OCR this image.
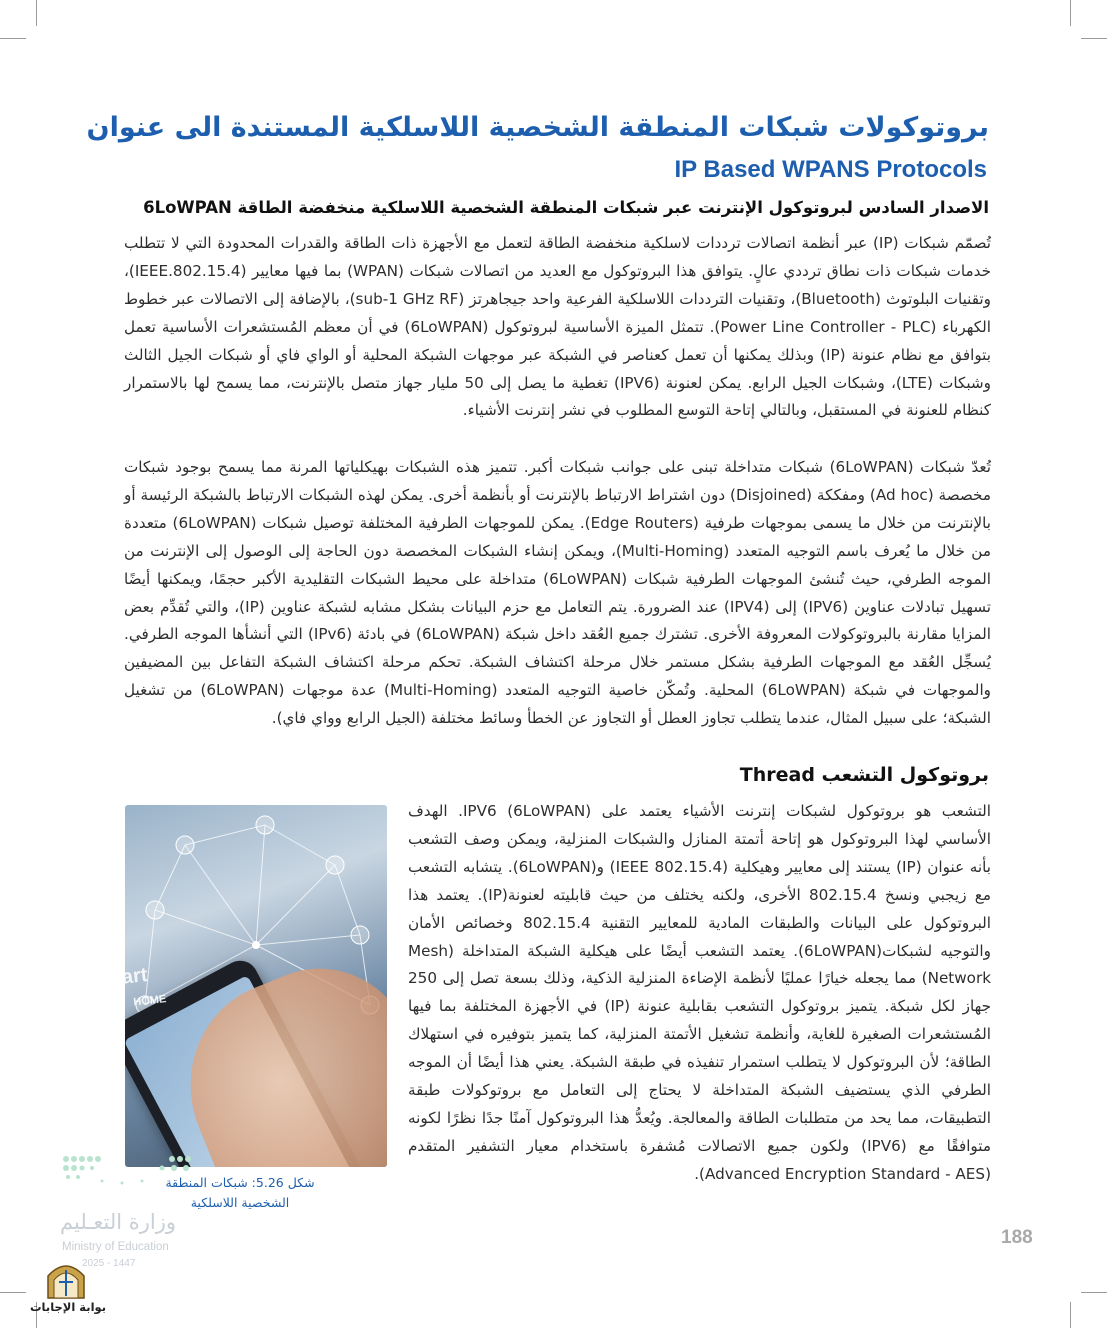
بروتوكولات شبكات المنطقة الشخصية اللاسلكية المستندة الى عنوان
IP Based WPANS Protocols
الاصدار السادس لبروتوكول الإنترنت عبر شبكات المنطقة الشخصية اللاسلكية منخفضة الطاقة 6LoWPAN
تُصمّم شبكات (IP) عبر أنظمة اتصالات ترددات لاسلكية منخفضة الطاقة لتعمل مع الأجهزة ذات الطاقة والقدرات المحدودة التي لا تتطلب خدمات شبكات ذات نطاق ترددي عالٍ. يتوافق هذا البروتوكول مع العديد من اتصالات شبكات (WPAN) بما فيها معايير (IEEE.802.15.4)، وتقنيات البلوتوث (Bluetooth)، وتقنيات الترددات اللاسلكية الفرعية واحد جيجاهرتز (sub-1 GHz RF)، بالإضافة إلى الاتصالات عبر خطوط الكهرباء (Power Line Controller - PLC). تتمثل الميزة الأساسية لبروتوكول (6LoWPAN) في أن معظم المُستشعرات الأساسية تعمل بتوافق مع نظام عنونة (IP) وبذلك يمكنها أن تعمل كعناصر في الشبكة عبر موجهات الشبكة المحلية أو الواي فاي أو شبكات الجيل الثالث وشبكات (LTE)، وشبكات الجيل الرابع. يمكن لعنونة (IPV6) تغطية ما يصل إلى 50 مليار جهاز متصل بالإنترنت، مما يسمح لها بالاستمرار كنظام للعنونة في المستقبل، وبالتالي إتاحة التوسع المطلوب في نشر إنترنت الأشياء.
تُعدّ شبكات (6LoWPAN) شبكات متداخلة تبنى على جوانب شبكات أكبر. تتميز هذه الشبكات بهيكلياتها المرنة مما يسمح بوجود شبكات مخصصة (Ad hoc) ومفككة (Disjoined) دون اشتراط الارتباط بالإنترنت أو بأنظمة أخرى. يمكن لهذه الشبكات الارتباط بالشبكة الرئيسة أو بالإنترنت من خلال ما يسمى بموجهات طرفية (Edge Routers). يمكن للموجهات الطرفية المختلفة توصيل شبكات (6LoWPAN) متعددة من خلال ما يُعرف باسم التوجيه المتعدد (Multi-Homing)، ويمكن إنشاء الشبكات المخصصة دون الحاجة إلى الوصول إلى الإنترنت من الموجه الطرفي، حيث تُنشئ الموجهات الطرفية شبكات (6LoWPAN) متداخلة على محيط الشبكات التقليدية الأكبر حجمًا، ويمكنها أيضًا تسهيل تبادلات عناوين (IPV6) إلى (IPV4) عند الضرورة. يتم التعامل مع حزم البيانات بشكل مشابه لشبكة عناوين (IP)، والتي تُقدِّم بعض المزايا مقارنة بالبروتوكولات المعروفة الأخرى. تشترك جميع العُقد داخل شبكة (6LoWPAN) في بادئة (IPv6) التي أنشأها الموجه الطرفي. يُسجِّل العُقد مع الموجهات الطرفية بشكل مستمر خلال مرحلة اكتشاف الشبكة. تحكم مرحلة اكتشاف الشبكة التفاعل بين المضيفين والموجهات في شبكة (6LoWPAN) المحلية. وتُمكّن خاصية التوجيه المتعدد (Multi-Homing) عدة موجهات (6LoWPAN) من تشغيل الشبكة؛ على سبيل المثال، عندما يتطلب تجاوز العطل أو التجاوز عن الخطأ وسائط مختلفة (الجيل الرابع وواي فاي).
بروتوكول التشعب Thread
التشعب هو بروتوكول لشبكات إنترنت الأشياء يعتمد على IPV6 (6LoWPAN). الهدف الأساسي لهذا البروتوكول هو إتاحة أتمتة المنازل والشبكات المنزلية، ويمكن وصف التشعب بأنه عنوان (IP) يستند إلى معايير وهيكلية (IEEE 802.15.4) و(6LoWPAN). يتشابه التشعب مع زيجبي ونسخ 802.15.4 الأخرى، ولكنه يختلف من حيث قابليته لعنونة(IP). يعتمد هذا البروتوكول على البيانات والطبقات المادية للمعايير التقنية 802.15.4 وخصائص الأمان والتوجيه لشبكات(6LoWPAN). يعتمد التشعب أيضًا على هيكلية الشبكة المتداخلة (Mesh Network) مما يجعله خيارًا عمليًا لأنظمة الإضاءة المنزلية الذكية، وذلك بسعة تصل إلى 250 جهاز لكل شبكة. يتميز بروتوكول التشعب بقابلية عنونة (IP) في الأجهزة المختلفة بما فيها المُستشعرات الصغيرة للغاية، وأنظمة تشغيل الأتمتة المنزلية، كما يتميز بتوفيره في استهلاك الطاقة؛ لأن البروتوكول لا يتطلب استمرار تنفيذه في طبقة الشبكة. يعني هذا أيضًا أن الموجه الطرفي الذي يستضيف الشبكة المتداخلة لا يحتاج إلى التعامل مع بروتوكولات طبقة التطبيقات، مما يحد من متطلبات الطاقة والمعالجة. ويُعدُّ هذا البروتوكول آمنًا جدًا نظرًا لكونه متوافقًا مع (IPV6) ولكون جميع الاتصالات مُشفرة باستخدام معيار التشفير المتقدم (Advanced Encryption Standard - AES).
Smart
HOME
شكل 5.26: شبكات المنطقة الشخصية اللاسلكية
وزارة التعـليم
Ministry of Education
2025 - 1447
188
بوابة الإجابات
